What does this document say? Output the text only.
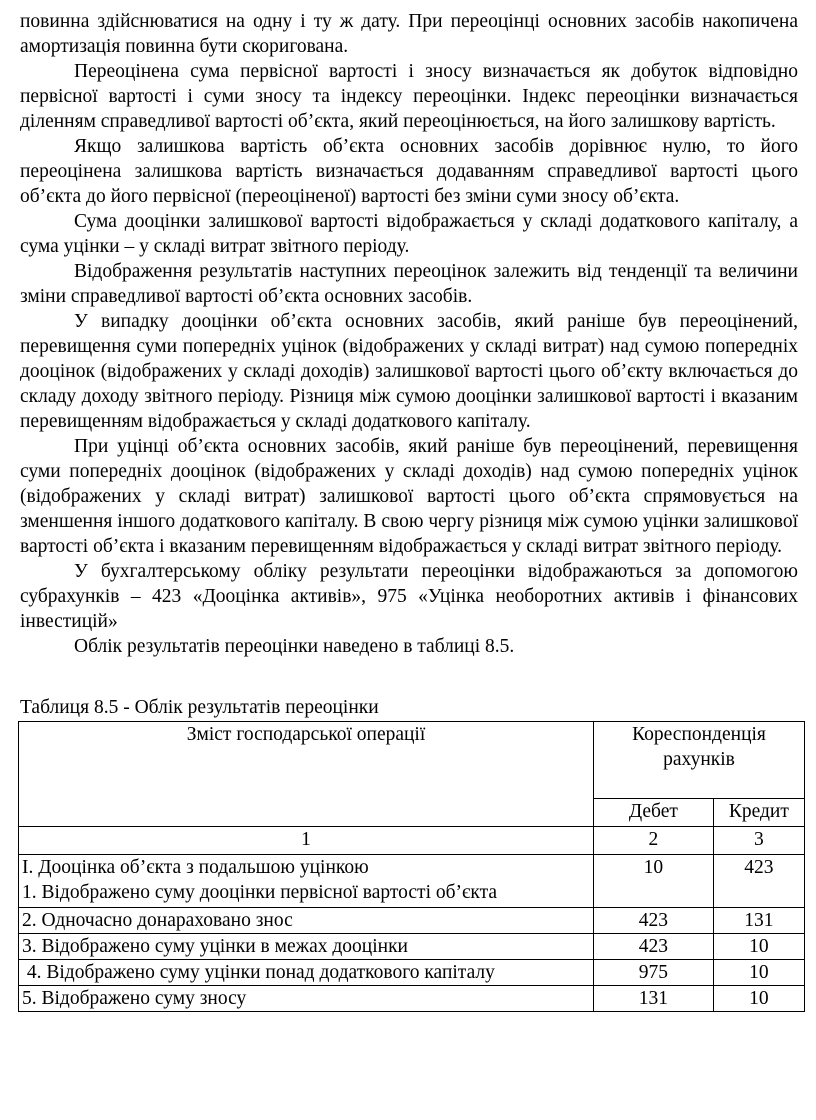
повинна здійснюватися на одну і ту ж дату. При переоцінці основних засобів накопичена амортизація повинна бути скоригована.

Переоцінена сума первісної вартості і зносу визначається як добуток відповідно первісної вартості і суми зносу та індексу переоцінки. Індекс переоцінки визначається діленням справедливої вартості об’єкта, який переоцінюється, на його залишкову вартість.

Якщо залишкова вартість об’єкта основних засобів дорівнює нулю, то його переоцінена залишкова вартість визначається додаванням справедливої вартості цього об’єкта до його первісної (переоціненої) вартості без зміни суми зносу об’єкта.

Сума дооцінки залишкової вартості відображається у складі додаткового капіталу, а сума уцінки – у складі витрат звітного періоду.

Відображення результатів наступних переоцінок залежить від тенденції та величини зміни справедливої вартості об’єкта основних засобів.

У випадку дооцінки об’єкта основних засобів, який раніше був переоцінений, перевищення суми попередніх уцінок (відображених у складі витрат) над сумою попередніх дооцінок (відображених у складі доходів) залишкової вартості цього об’єкту включається до складу доходу звітного періоду. Різниця між сумою дооцінки залишкової вартості і вказаним перевищенням відображається у складі додаткового капіталу.

При уцінці об’єкта основних засобів, який раніше був переоцінений, перевищення суми попередніх дооцінок (відображених у складі доходів) над сумою попередніх уцінок (відображених у складі витрат) залишкової вартості цього об’єкта спрямовується на зменшення іншого додаткового капіталу. В свою чергу різниця між сумою уцінки залишкової вартості об’єкта і вказаним перевищенням відображається у складі витрат звітного періоду.

У бухгалтерському обліку результати переоцінки відображаються за допомогою субрахунків – 423 «Дооцінка активів», 975 «Уцінка необоротних активів і фінансових інвестицій»

Облік результатів переоцінки наведено в таблиці 8.5.

Таблиця 8.5 - Облік результатів переоцінки

Зміст господарської операції	Кореспонденція рахунків	
	Дебет	Кредит
1	2	3

І. Дооцінка об’єкта з подальшою уцінкою
1. Відображено суму дооцінки первісної вартості об’єкта	10	423
2. Одночасно донараховано знос	423	131
3. Відображено суму уцінки в межах дооцінки	423	10
4. Відображено суму уцінки понад додаткового капіталу	975	10
5. Відображено суму зносу	131	10
